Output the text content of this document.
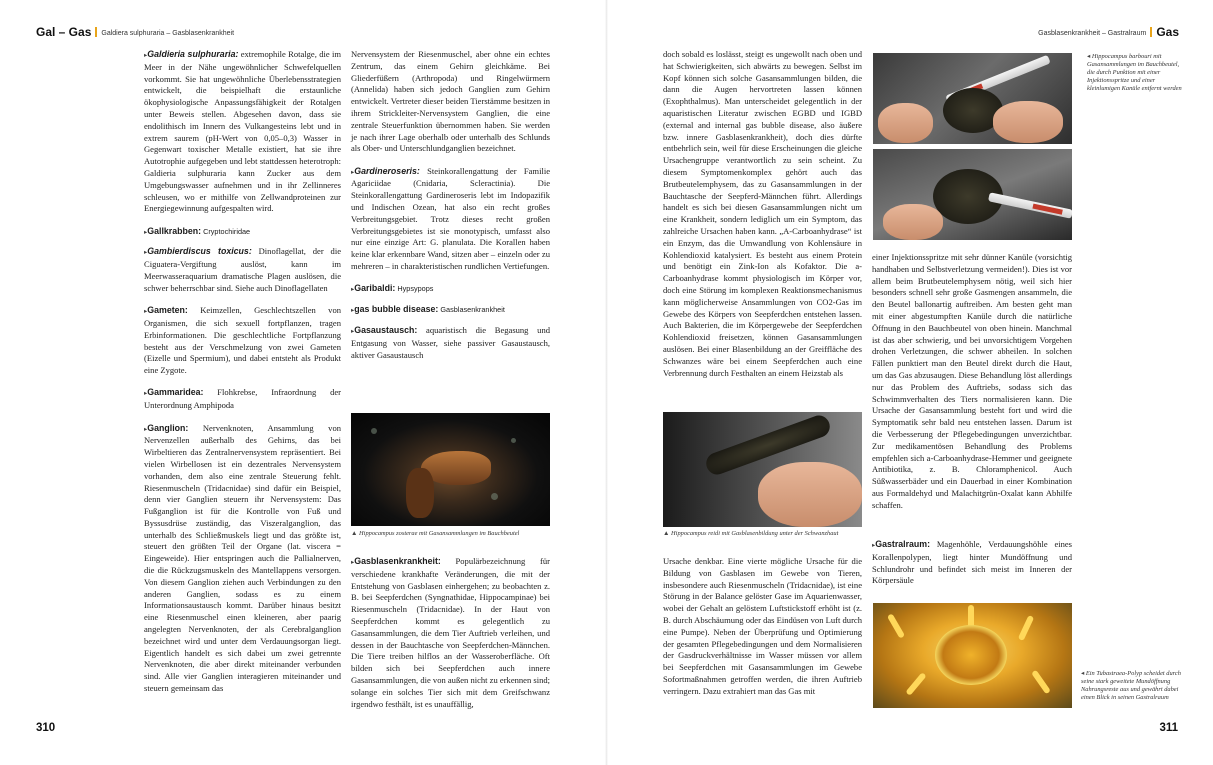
Gal – Gas Galdiera sulphuraria – Gasblasenkrankheit

▸Galdieria sulphuraria: extremophile Rotalge, die im Meer in der Nähe ungewöhnlicher Schwefelquellen vorkommt. Sie hat ungewöhnliche Überlebensstrategien entwickelt, die beispielhaft die erstaunliche ökophysiologische Anpassungsfähigkeit der Rotalgen unter Beweis stellen. Abgesehen davon, dass sie endolithisch im Innern des Vulkangesteins lebt und in extrem saurem (pH-Wert von 0,05–0,3) Wasser in Gegenwart toxischer Metalle existiert, hat sie ihre Autotrophie aufgegeben und lebt stattdessen heterotroph: Galdieria sulphuraria kann Zucker aus dem Umgebungswasser aufnehmen und in ihr Zellinneres schleusen, wo er mithilfe von Zellwandproteinen zur Energiegewinnung aufgespalten wird.

▸Gallkrabben: Cryptochiridae

▸Gambierdiscus toxicus: Dinoflagellat, der die Ciguatera-Vergiftung auslöst, kann im Meerwasseraquarium dramatische Plagen auslösen, die schwer beherrschbar sind. Siehe auch Dinoflagellaten

▸Gameten: Keimzellen, Geschlechtszellen von Organismen, die sich sexuell fortpflanzen, tragen Erbinformationen. Die geschlechtliche Fortpflanzung besteht aus der Verschmelzung von zwei Gameten (Eizelle und Spermium), und dabei entsteht als Produkt eine Zygote.

▸Gammaridea: Flohkrebse, Infraordnung der Unterordnung Amphipoda

▸Ganglion: Nervenknoten, Ansammlung von Nervenzellen außerhalb des Gehirns, das bei Wirbeltieren das Zentralnervensystem repräsentiert. Bei vielen Wirbellosen ist ein dezentrales Nervensystem vorhanden, dem also eine zentrale Steuerung fehlt. Riesenmuscheln (Tridacnidae) sind dafür ein Beispiel, denn vier Ganglien steuern ihr Nervensystem: Das Fußganglion ist für die Kontrolle von Fuß und Byssusdrüse zuständig, das Viszeralganglion, das unterhalb des Schließmuskels liegt und das größte ist, steuert den größten Teil der Organe (lat. viscera = Eingeweide). Hier entspringen auch die Pallialnerven, die die Rückzugsmuskeln des Mantellappens versorgen. Von diesem Ganglion ziehen auch Verbindungen zu den anderen Ganglien, sodass es zu einem Informationsaustausch kommt. Darüber hinaus besitzt eine Riesenmuschel einen kleineren, aber paarig angelegten Nervenknoten, der als Cerebralganglion bezeichnet wird und unter dem Verdauungsorgan liegt. Eigentlich handelt es sich dabei um zwei getrennte Nervenknoten, die aber direkt miteinander verbunden sind. Alle vier Ganglien interagieren miteinander und steuern gemeinsam das

Nervensystem der Riesenmuschel, aber ohne ein echtes Zentrum, das einem Gehirn gleichkäme. Bei Gliederfüßern (Arthropoda) und Ringelwürmern (Annelida) haben sich jedoch Ganglien zum Gehirn entwickelt. Vertreter dieser beiden Tierstämme besitzen in ihrem Strickleiter-Nervensystem Ganglien, die eine zentrale Steuerfunktion übernommen haben. Sie werden je nach ihrer Lage oberhalb oder unterhalb des Schlunds als Ober- und Unterschlundganglien bezeichnet.

▸Gardineroseris: Steinkorallengattung der Familie Agariciidae (Cnidaria, Scleractinia). Die Steinkorallengattung Gardineroseris lebt im Indopazifik und Indischen Ozean, hat also ein recht großes Verbreitungsgebiet. Trotz dieses recht großen Verbreitungsgebietes ist sie monotypisch, umfasst also nur eine einzige Art: G. planulata. Die Korallen haben keine klar erkennbare Wand, sitzen aber – einzeln oder zu mehreren – in charakteristischen rundlichen Vertiefungen.

▸Garibaldi: Hypsypops

▸gas bubble disease: Gasblasenkrankheit

▸Gasaustausch: aquaristisch die Begasung und Entgasung von Wasser, siehe passiver Gasaustausch, aktiver Gasaustausch

▲ Hippocampus zosterae mit Gasansammlungen im Bauchbeutel

▸Gasblasenkrankheit: Populärbezeichnung für verschiedene krankhafte Veränderungen, die mit der Entstehung von Gasblasen einhergehen; zu beobachten z. B. bei Seepferdchen (Syngnathidae, Hippocampinae) bei Riesenmuscheln (Tridacnidae). In der Haut von Seepferdchen kommt es gelegentlich zu Gasansammlungen, die dem Tier Auftrieb verleihen, und dessen in der Bauchtasche von Seepferdchen-Männchen. Die Tiere treiben hilflos an der Wasseroberfläche. Oft bilden sich bei Seepferdchen auch innere Gasansammlungen, die von außen nicht zu erkennen sind; solange ein solches Tier sich mit dem Greifschwanz irgendwo festhält, ist es unauffällig,

310
Gasblasenkrankheit – Gastralraum Gas

doch sobald es loslässt, steigt es ungewollt nach oben und hat Schwierigkeiten, sich abwärts zu bewegen. Selbst im Kopf können sich solche Gasansammlungen bilden, die dann die Augen hervortreten lassen können (Exophthalmus). Man unterscheidet gelegentlich in der aquaristischen Literatur zwischen EGBD und IGBD (external and internal gas bubble disease, also äußere bzw. innere Gasblasenkrankheit), doch dies dürfte entbehrlich sein, weil für diese Erscheinungen die gleiche Ursachengruppe verantwortlich zu sein scheint. Zu diesem Symptomenkomplex gehört auch das Brutbeutelemphysem, das zu Gasansammlungen in der Bauchtasche der Seepferd-Männchen führt. Allerdings handelt es sich bei diesen Gasansammlungen nicht um eine Krankheit, sondern lediglich um ein Symptom, das zahlreiche Ursachen haben kann. „A-Carboanhydrase“ ist ein Enzym, das die Umwandlung von Kohlensäure in Kohlendioxid katalysiert. Es besteht aus einem Protein und benötigt ein Zink-Ion als Kofaktor. Die a-Carboanhydrase kommt physiologisch im Körper vor, doch eine Störung im komplexen Reaktionsmechanismus kann möglicherweise Ansammlungen von CO2-Gas im Gewebe des Körpers von Seepferdchen entstehen lassen. Auch Bakterien, die im Körpergewebe der Seepferdchen Kohlendioxid freisetzen, können Gasansammlungen auslösen. Bei einer Blasenbildung an der Greiffläche des Schwanzes wäre bei einem Seepferdchen auch eine Verbrennung durch Festhalten an einem Heizstab als

◂ Hippocampus barbouri mit Gasansammlungen im Bauchbeutel, die durch Punktion mit einer Injektionsspritze und einer kleinlumigen Kanüle entfernt werden
▲ Hippocampus reidi mit Gasblasenbildung unter der Schwanzhaut

Ursache denkbar. Eine vierte mögliche Ursache für die Bildung von Gasblasen im Gewebe von Tieren, insbesondere auch Riesenmuscheln (Tridacnidae), ist eine Störung in der Balance gelöster Gase im Aquarienwasser, wobei der Gehalt an gelöstem Luftstickstoff erhöht ist (z. B. durch Abschäumung oder das Eindüsen von Luft durch eine Pumpe). Neben der Überprüfung und Optimierung der gesamten Pflegebedingungen und dem Normalisieren der Gasdruckverhältnisse im Wasser müssen vor allem bei Seepferdchen mit Gasansammlungen im Gewebe Sofortmaßnahmen getroffen werden, die ihren Auftrieb verringern. Dazu extrahiert man das Gas mit

einer Injektionsspritze mit sehr dünner Kanüle (vorsichtig handhaben und Selbstverletzung vermeiden!). Dies ist vor allem beim Brutbeutelemphysem nötig, weil sich hier besonders schnell sehr große Gasmengen ansammeln, die den Beutel ballonartig auftreiben. Am besten geht man mit einer abgestumpften Kanüle durch die natürliche Öffnung in den Bauchbeutel von oben hinein. Manchmal ist das aber schwierig, und bei unvorsichtigem Vorgehen drohen Verletzungen, die schwer abheilen. In solchen Fällen punktiert man den Beutel direkt durch die Haut, um das Gas abzusaugen. Diese Behandlung löst allerdings nur das Problem des Auftriebs, sodass sich das Schwimmverhalten des Tiers normalisieren kann. Die Ursache der Gasansammlung besteht fort und wird die Symptomatik sehr bald neu entstehen lassen. Darum ist die Verbesserung der Pflegebedingungen unverzichtbar. Zur medikamentösen Behandlung des Problems empfehlen sich a-Carboanhydrase-Hemmer und geeignete Antibiotika, z. B. Chloramphenicol. Auch Süßwasserbäder und ein Dauerbad in einer Kombination aus Formaldehyd und Malachitgrün-Oxalat kann Abhilfe schaffen.

▸Gastralraum: Magenhöhle, Verdauungshöhle eines Korallenpolypen, liegt hinter Mundöffnung und Schlundrohr und befindet sich meist im Inneren der Körpersäule

◂ Ein Tubastraea-Polyp scheidet durch seine stark geweitete Mundöffnung Nahrungsreste aus und gewährt dabei einen Blick in seinen Gastralraum
311
